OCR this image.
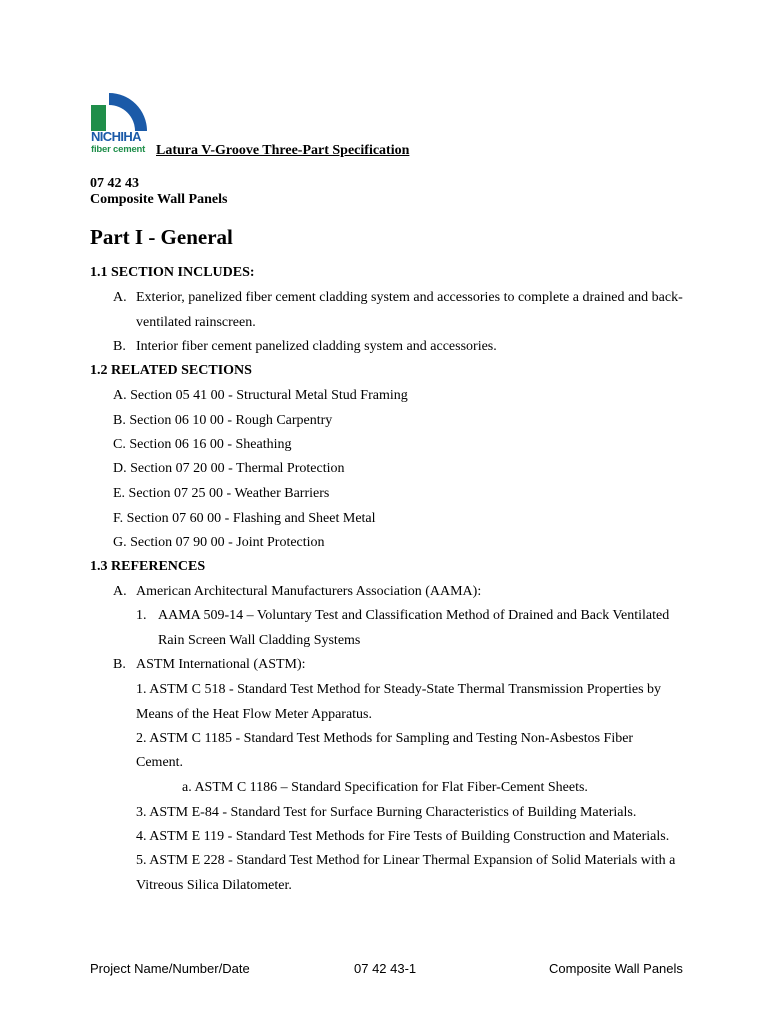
NICHIHA
fiber cement Latura V-Groove Three-Part Specification
07 42 43
Composite Wall Panels
Part I - General
1.1 SECTION INCLUDES:
A. Exterior, panelized fiber cement cladding system and accessories to complete a drained and back-
ventilated rainscreen.
B. Interior fiber cement panelized cladding system and accessories.
1.2 RELATED SECTIONS
A. Section 05 41 00 - Structural Metal Stud Framing
B. Section 06 10 00 - Rough Carpentry
C. Section 06 16 00 - Sheathing
D. Section 07 20 00 - Thermal Protection
E. Section 07 25 00 - Weather Barriers
F. Section 07 60 00 - Flashing and Sheet Metal
G. Section 07 90 00 - Joint Protection
1.3 REFERENCES
A. American Architectural Manufacturers Association (AAMA):
1. AAMA 509-14 – Voluntary Test and Classification Method of Drained and Back Ventilated
Rain Screen Wall Cladding Systems
B. ASTM International (ASTM):
1. ASTM C 518 - Standard Test Method for Steady-State Thermal Transmission Properties by
Means of the Heat Flow Meter Apparatus.
2. ASTM C 1185 - Standard Test Methods for Sampling and Testing Non-Asbestos Fiber
Cement.
a. ASTM C 1186 – Standard Specification for Flat Fiber-Cement Sheets.
3. ASTM E-84 - Standard Test for Surface Burning Characteristics of Building Materials.
4. ASTM E 119 - Standard Test Methods for Fire Tests of Building Construction and Materials.
5. ASTM E 228 - Standard Test Method for Linear Thermal Expansion of Solid Materials with a
Vitreous Silica Dilatometer.
Project Name/Number/Date	07 42 43-1	Composite Wall Panels
